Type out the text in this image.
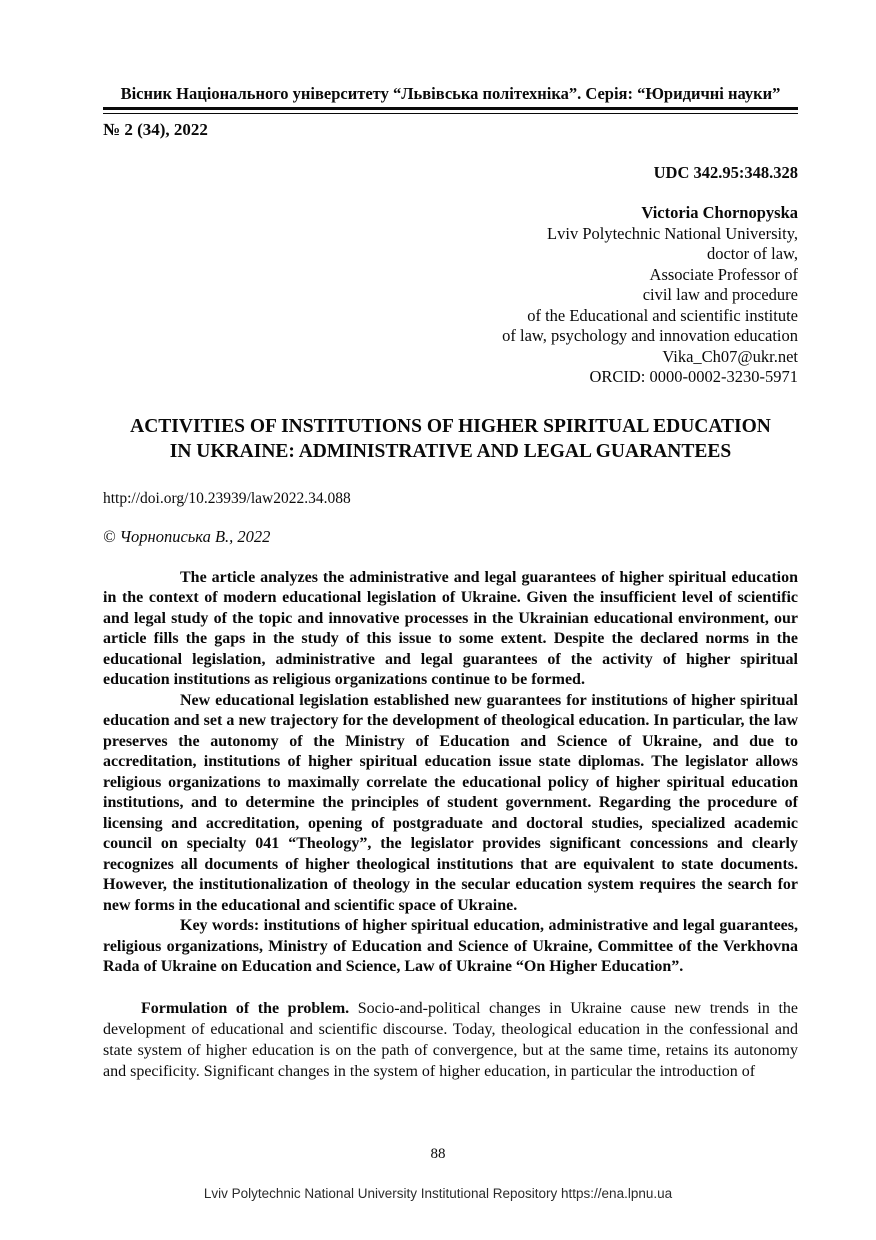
Вісник Національного університету “Львівська політехніка”. Серія: “Юридичні науки”
№ 2 (34), 2022
UDC 342.95:348.328
Victoria Chornopyska
Lviv Polytechnic National University,
doctor of law,
Associate Professor of
civil law and procedure
of the Educational and scientific institute
of law, psychology and innovation education
Vika_Ch07@ukr.net
ORCID: 0000-0002-3230-5971
ACTIVITIES OF INSTITUTIONS OF HIGHER SPIRITUAL EDUCATION
IN UKRAINE: ADMINISTRATIVE AND LEGAL GUARANTEES
http://doi.org/10.23939/law2022.34.088
© Чорнописька В., 2022

The article analyzes the administrative and legal guarantees of higher spiritual education in the context of modern educational legislation of Ukraine. Given the insufficient level of scientific and legal study of the topic and innovative processes in the Ukrainian educational environment, our article fills the gaps in the study of this issue to some extent. Despite the declared norms in the educational legislation, administrative and legal guarantees of the activity of higher spiritual education institutions as religious organizations continue to be formed.

New educational legislation established new guarantees for institutions of higher spiritual education and set a new trajectory for the development of theological education. In particular, the law preserves the autonomy of the Ministry of Education and Science of Ukraine, and due to accreditation, institutions of higher spiritual education issue state diplomas. The legislator allows religious organizations to maximally correlate the educational policy of higher spiritual education institutions, and to determine the principles of student government. Regarding the procedure of licensing and accreditation, opening of postgraduate and doctoral studies, specialized academic council on specialty 041 “Theology”, the legislator provides significant concessions and clearly recognizes all documents of higher theological institutions that are equivalent to state documents. However, the institutionalization of theology in the secular education system requires the search for new forms in the educational and scientific space of Ukraine.

Key words: institutions of higher spiritual education, administrative and legal guarantees, religious organizations, Ministry of Education and Science of Ukraine, Committee of the Verkhovna Rada of Ukraine on Education and Science, Law of Ukraine “On Higher Education”.

Formulation of the problem. Socio-and-political changes in Ukraine cause new trends in the development of educational and scientific discourse. Today, theological education in the confessional and state system of higher education is on the path of convergence, but at the same time, retains its autonomy and specificity. Significant changes in the system of higher education, in particular the introduction of

88
Lviv Polytechnic National University Institutional Repository https://ena.lpnu.ua
